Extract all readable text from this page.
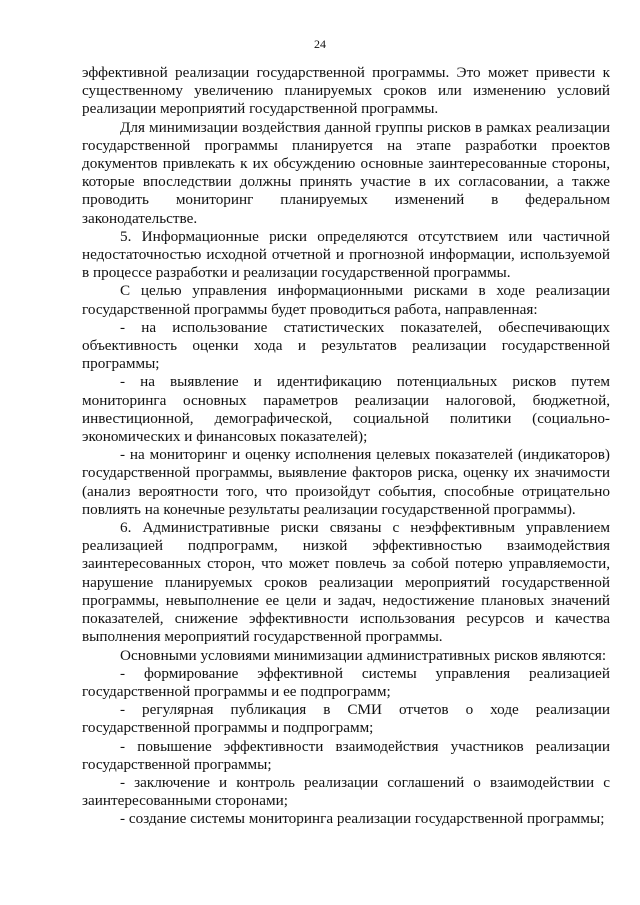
24

эффективной реализации государственной программы. Это может привести к существенному увеличению планируемых сроков или изменению условий реализации мероприятий государственной программы.

Для минимизации воздействия данной группы рисков в рамках реализации государственной программы планируется на этапе разработки проектов документов привлекать к их обсуждению основные заинтересованные стороны, которые впоследствии должны принять участие в их согласовании, а также проводить мониторинг планируемых изменений в федеральном законодательстве.

5. Информационные риски определяются отсутствием или частичной недостаточностью исходной отчетной и прогнозной информации, используемой в процессе разработки и реализации государственной программы.

С целью управления информационными рисками в ходе реализации государственной программы будет проводиться работа, направленная:

- на использование статистических показателей, обеспечивающих объективность оценки хода и результатов реализации государственной программы;

- на выявление и идентификацию потенциальных рисков путем мониторинга основных параметров реализации налоговой, бюджетной, инвестиционной, демографической, социальной политики (социально-экономических и финансовых показателей);

- на мониторинг и оценку исполнения целевых показателей (индикаторов) государственной программы, выявление факторов риска, оценку их значимости (анализ вероятности того, что произойдут события, способные отрицательно повлиять на конечные результаты реализации государственной программы).

6. Административные риски связаны с неэффективным управлением реализацией подпрограмм, низкой эффективностью взаимодействия заинтересованных сторон, что может повлечь за собой потерю управляемости, нарушение планируемых сроков реализации мероприятий государственной программы, невыполнение ее цели и задач, недостижение плановых значений показателей, снижение эффективности использования ресурсов и качества выполнения мероприятий государственной программы.

Основными условиями минимизации административных рисков являются:

- формирование эффективной системы управления реализацией государственной программы и ее подпрограмм;

- регулярная публикация в СМИ отчетов о ходе реализации государственной программы и подпрограмм;

- повышение эффективности взаимодействия участников реализации государственной программы;

- заключение и контроль реализации соглашений о взаимодействии с заинтересованными сторонами;

- создание системы мониторинга реализации государственной программы;
